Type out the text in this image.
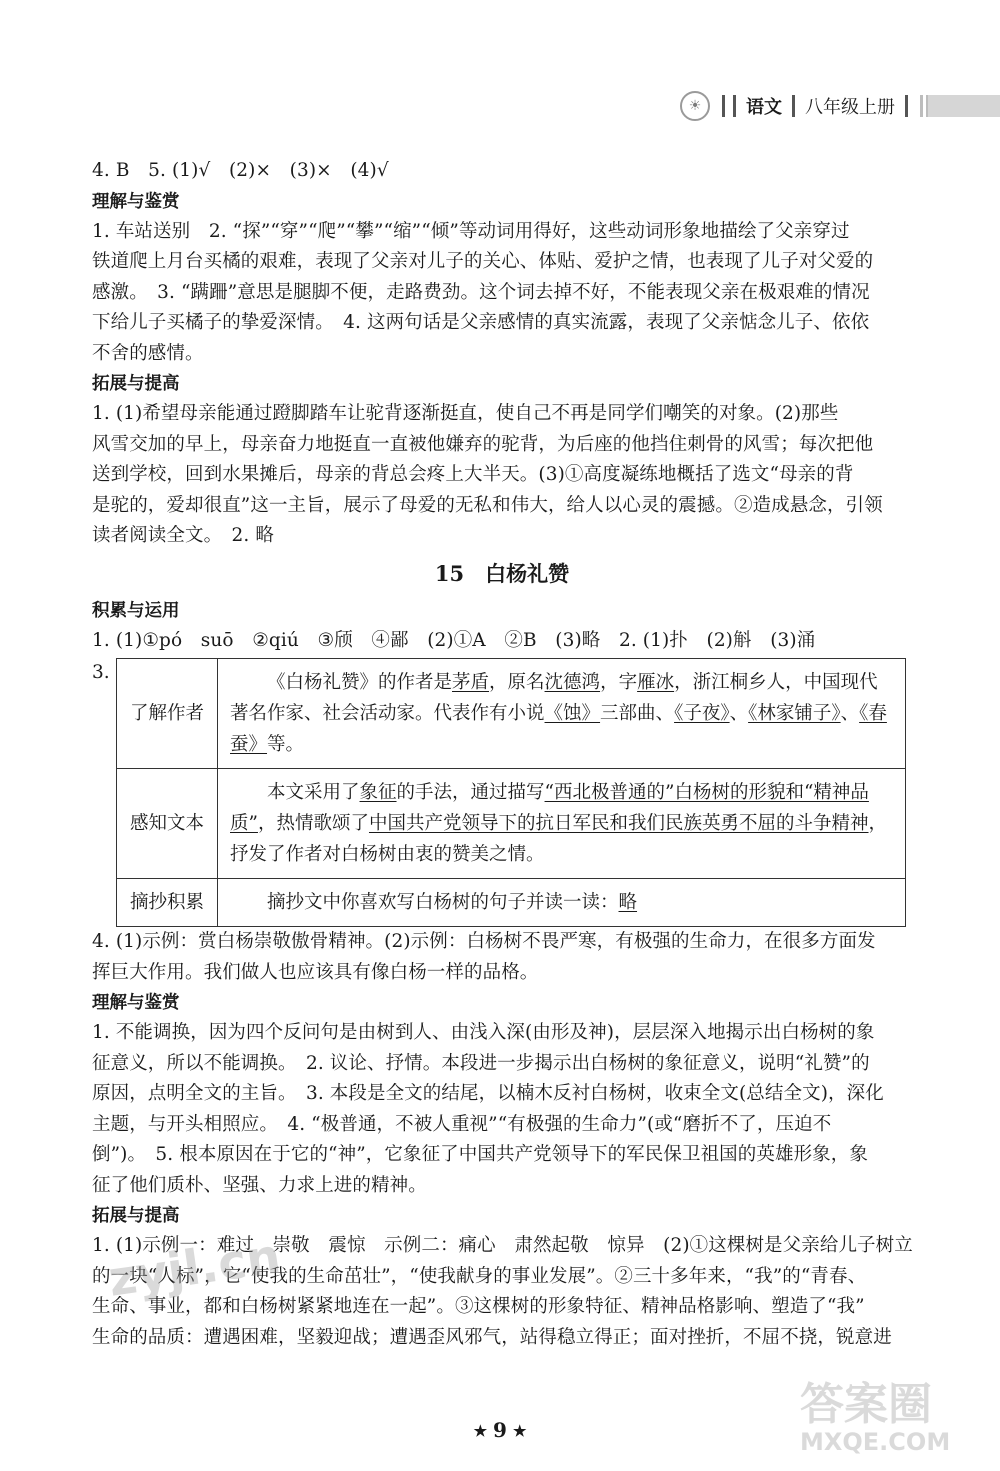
☀	语文 八年级上册
4. B　5. (1)√　(2)×　(3)×　(4)√
理解与鉴赏
1. 车站送别　2. “探”“穿”“爬”“攀”“缩”“倾”等动词用得好，这些动词形象地描绘了父亲穿过
铁道爬上月台买橘的艰难，表现了父亲对儿子的关心、体贴、爱护之情，也表现了儿子对父爱的
感激。　3. “蹒跚”意思是腿脚不便，走路费劲。这个词去掉不好，不能表现父亲在极艰难的情况
下给儿子买橘子的挚爱深情。　4. 这两句话是父亲感情的真实流露，表现了父亲惦念儿子、依依
不舍的感情。
拓展与提高
1. (1)希望母亲能通过蹬脚踏车让驼背逐渐挺直，使自己不再是同学们嘲笑的对象。(2)那些
风雪交加的早上，母亲奋力地挺直一直被他嫌弃的驼背，为后座的他挡住刺骨的风雪；每次把他
送到学校，回到水果摊后，母亲的背总会疼上大半天。(3)①高度凝练地概括了选文“母亲的背
是驼的，爱却很直”这一主旨，展示了母爱的无私和伟大，给人以心灵的震撼。②造成悬念，引领
读者阅读全文。　2. 略
15　白杨礼赞
积累与运用
1. (1)①pó　suō　②qiú　③颀　④鄙　(2)①A　②B　(3)略　2. (1)扑　(2)斛　(3)涌
3.
了解作者	《白杨礼赞》的作者是茅盾，原名沈德鸿，字雁冰，浙江桐乡人，中国现代著名作家、社会活动家。代表作有小说《蚀》三部曲、《子夜》、《林家铺子》、《春蚕》等。
感知文本	本文采用了象征的手法，通过描写“西北极普通的”白杨树的形貌和“精神品质”，热情歌颂了中国共产党领导下的抗日军民和我们民族英勇不屈的斗争精神，抒发了作者对白杨树由衷的赞美之情。
摘抄积累	摘抄文中你喜欢写白杨树的句子并读一读：略
4. (1)示例：赏白杨崇敬傲骨精神。(2)示例：白杨树不畏严寒，有极强的生命力，在很多方面发
挥巨大作用。我们做人也应该具有像白杨一样的品格。
理解与鉴赏
1. 不能调换，因为四个反问句是由树到人、由浅入深(由形及神)，层层深入地揭示出白杨树的象
征意义，所以不能调换。　2. 议论、抒情。本段进一步揭示出白杨树的象征意义，说明“礼赞”的
原因，点明全文的主旨。　3. 本段是全文的结尾，以楠木反衬白杨树，收束全文(总结全文)，深化
主题，与开头相照应。　4. “极普通，不被人重视”“有极强的生命力”(或“磨折不了，压迫不
倒”)。　5. 根本原因在于它的“神”，它象征了中国共产党领导下的军民保卫祖国的英雄形象，象
征了他们质朴、坚强、力求上进的精神。
拓展与提高
1. (1)示例一：难过　崇敬　震惊　示例二：痛心　肃然起敬　惊异　(2)①这棵树是父亲给儿子树立
的一块“人标”，它“使我的生命茁壮”，“使我献身的事业发展”。②三十多年来，“我”的“青春、
生命、事业，都和白杨树紧紧地连在一起”。③这棵树的形象特征、精神品格影响、塑造了“我”
生命的品质：遭遇困难，坚毅迎战；遭遇歪风邪气，站得稳立得正；面对挫折，不屈不挠，锐意进
★ 9 ★
zyjl.cn
答案圈
MXQE.COM
